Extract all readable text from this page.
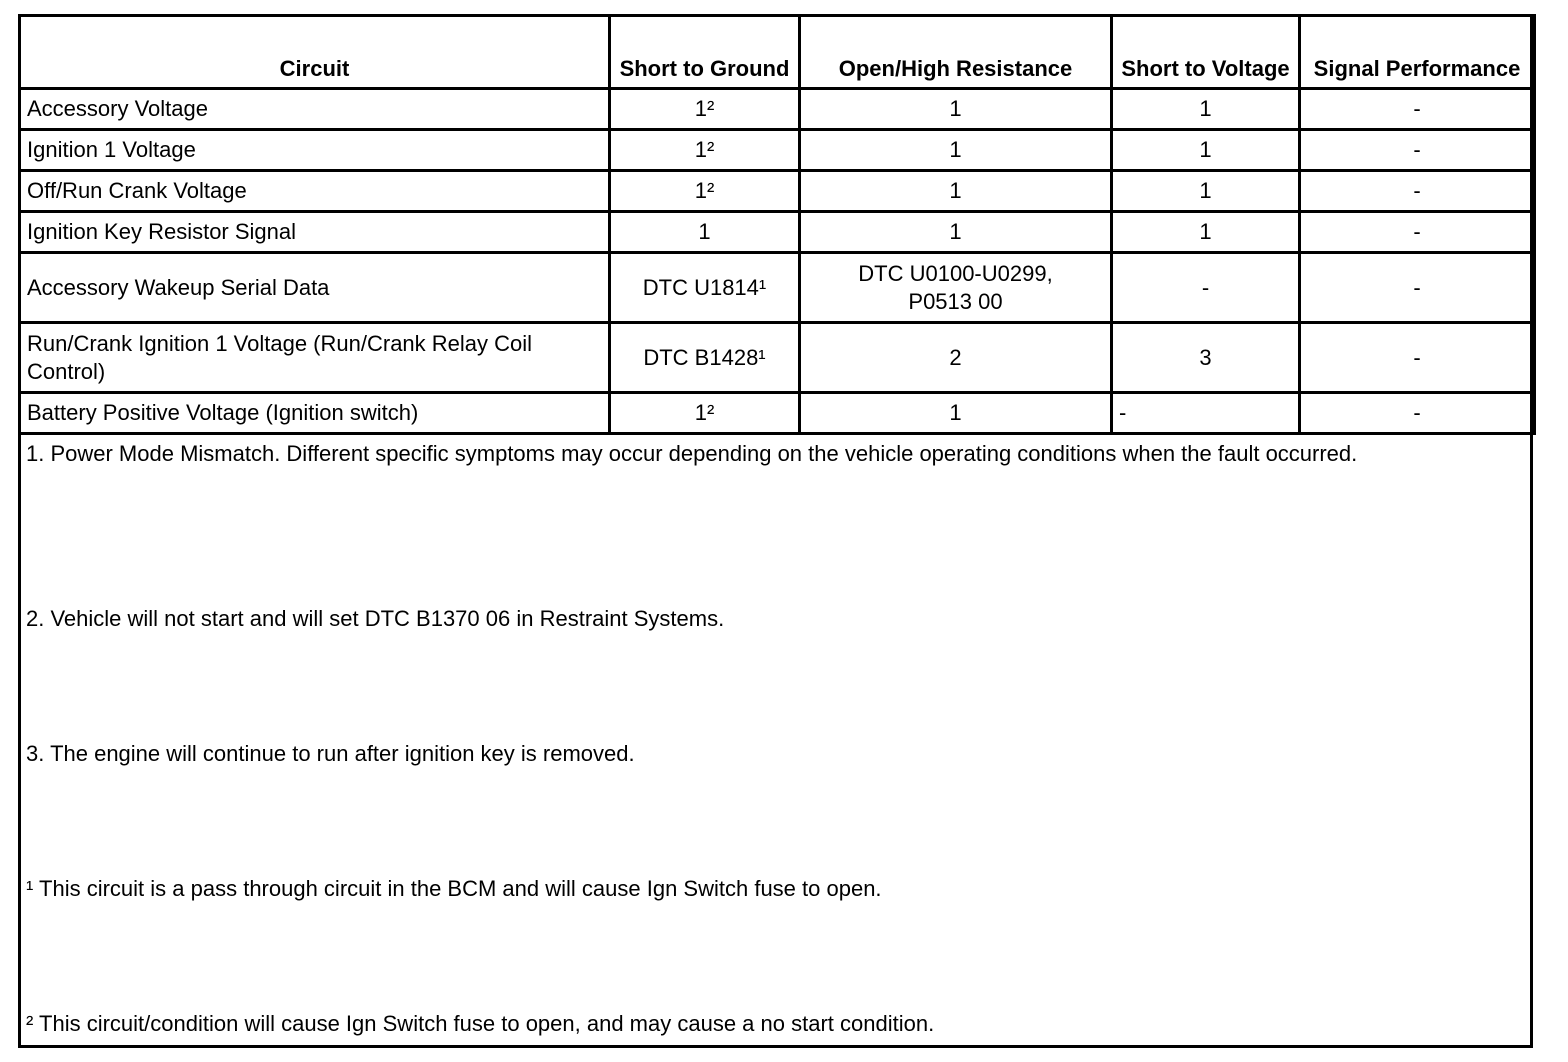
Circuit	Short to Ground	Open/High Resistance	Short to Voltage	Signal Performance
Accessory Voltage	1²	1	1	-
Ignition 1 Voltage	1²	1	1	-
Off/Run Crank Voltage	1²	1	1	-
Ignition Key Resistor Signal	1	1	1	-
Accessory Wakeup Serial Data	DTC U1814¹	DTC U0100-U0299, P0513 00	-	-
Run/Crank Ignition 1 Voltage (Run/Crank Relay Coil Control)	DTC B1428¹	2	3	-
Battery Positive Voltage (Ignition switch)	1²	1	-	-
1. Power Mode Mismatch. Different specific symptoms may occur depending on the vehicle operating conditions when the fault occurred.
2. Vehicle will not start and will set DTC B1370 06 in Restraint Systems.
3. The engine will continue to run after ignition key is removed.
¹ This circuit is a pass through circuit in the BCM and will cause Ign Switch fuse to open.
² This circuit/condition will cause Ign Switch fuse to open, and may cause a no start condition.
